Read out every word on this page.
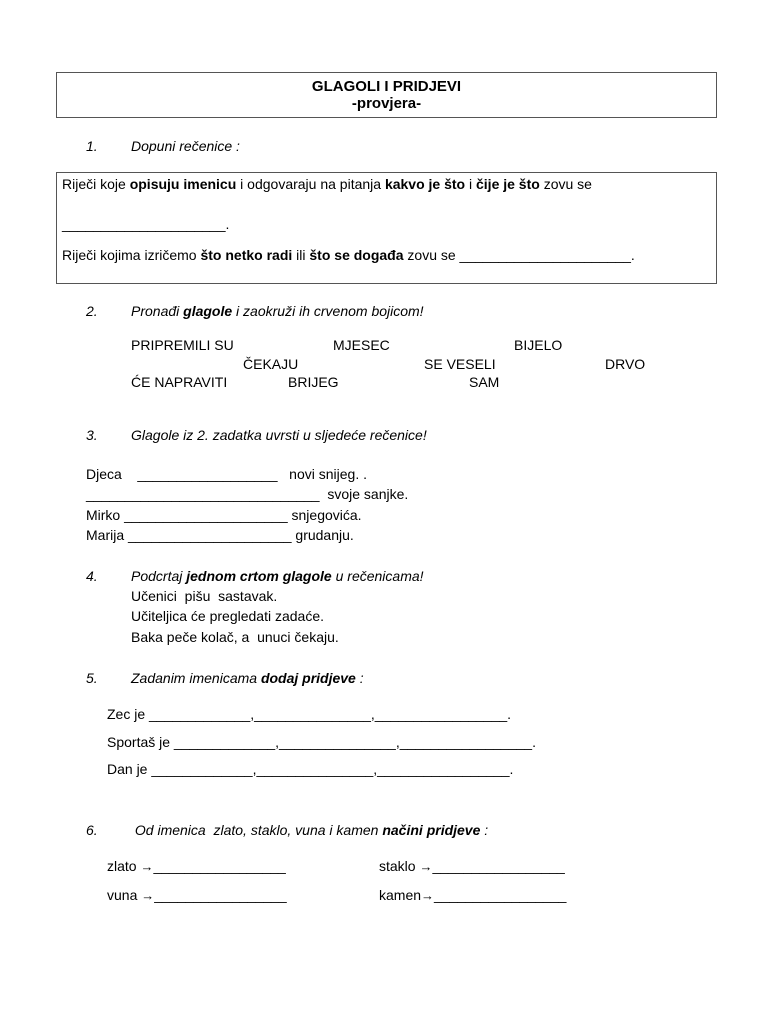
GLAGOLI I PRIDJEVI
-provjera-
1. Dopuni rečenice :
Riječi koje opisuju imenicu i odgovaraju na pitanja kakvo je što i čije je što zovu se
_____________________.
Riječi kojima izričemo što netko radi ili što se događa zovu se ______________________.
2. Pronađi glagole i zaokruži ih crvenom bojicom!
PRIPREMILI SU	MJESEC	BIJELO
ČEKAJU	SE VESELI	DRVO
ĆE NAPRAVITI	BRIJEG	SAM
3. Glagole iz 2. zadatka uvrsti u sljedeće rečenice!
Djeca    __________________   novi snijeg. .
______________________________  svoje sanjke.
Mirko _____________________ snjegovića.
Marija _____________________ grudanju.
4. Podcrtaj jednom crtom glagole u rečenicama!
Učenici  pišu  sastavak.
Učiteljica će pregledati zadaće.
Baka peče kolač, a  unuci čekaju.
5. Zadanim imenicama dodaj pridjeve :
Zec je _____________,_______________,_________________.
Sportaš je _____________,_______________,_________________.
Dan je _____________,_______________,_________________.
6. Od imenica  zlato, staklo, vuna i kamen načini pridjeve :
zlato →_________________	staklo →_________________
vuna →_________________	kamen→_________________
